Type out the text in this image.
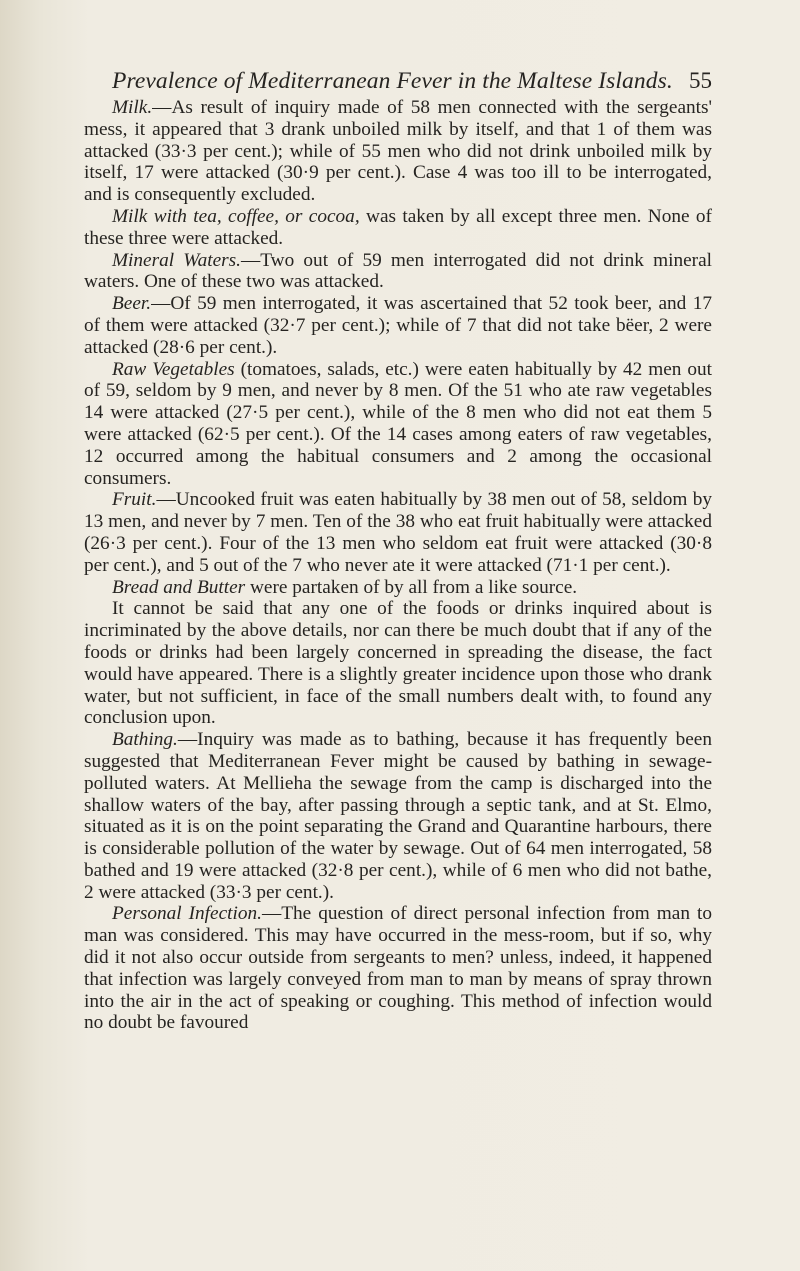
Prevalence of Mediterranean Fever in the Maltese Islands. 55

Milk.—As result of inquiry made of 58 men connected with the sergeants' mess, it appeared that 3 drank unboiled milk by itself, and that 1 of them was attacked (33·3 per cent.); while of 55 men who did not drink unboiled milk by itself, 17 were attacked (30·9 per cent.). Case 4 was too ill to be interrogated, and is consequently excluded.

Milk with tea, coffee, or cocoa, was taken by all except three men. None of these three were attacked.

Mineral Waters.—Two out of 59 men interrogated did not drink mineral waters. One of these two was attacked.

Beer.—Of 59 men interrogated, it was ascertained that 52 took beer, and 17 of them were attacked (32·7 per cent.); while of 7 that did not take bëer, 2 were attacked (28·6 per cent.).

Raw Vegetables (tomatoes, salads, etc.) were eaten habitually by 42 men out of 59, seldom by 9 men, and never by 8 men. Of the 51 who ate raw vegetables 14 were attacked (27·5 per cent.), while of the 8 men who did not eat them 5 were attacked (62·5 per cent.). Of the 14 cases among eaters of raw vegetables, 12 occurred among the habitual consumers and 2 among the occasional consumers.

Fruit.—Uncooked fruit was eaten habitually by 38 men out of 58, seldom by 13 men, and never by 7 men. Ten of the 38 who eat fruit habitually were attacked (26·3 per cent.). Four of the 13 men who seldom eat fruit were attacked (30·8 per cent.), and 5 out of the 7 who never ate it were attacked (71·1 per cent.).

Bread and Butter were partaken of by all from a like source.

It cannot be said that any one of the foods or drinks inquired about is incriminated by the above details, nor can there be much doubt that if any of the foods or drinks had been largely concerned in spreading the disease, the fact would have appeared. There is a slightly greater incidence upon those who drank water, but not sufficient, in face of the small numbers dealt with, to found any conclusion upon.

Bathing.—Inquiry was made as to bathing, because it has frequently been suggested that Mediterranean Fever might be caused by bathing in sewage-polluted waters. At Mellieha the sewage from the camp is discharged into the shallow waters of the bay, after passing through a septic tank, and at St. Elmo, situated as it is on the point separating the Grand and Quarantine harbours, there is considerable pollution of the water by sewage. Out of 64 men interrogated, 58 bathed and 19 were attacked (32·8 per cent.), while of 6 men who did not bathe, 2 were attacked (33·3 per cent.).

Personal Infection.—The question of direct personal infection from man to man was considered. This may have occurred in the mess-room, but if so, why did it not also occur outside from sergeants to men? unless, indeed, it happened that infection was largely conveyed from man to man by means of spray thrown into the air in the act of speaking or coughing. This method of infection would no doubt be favoured
